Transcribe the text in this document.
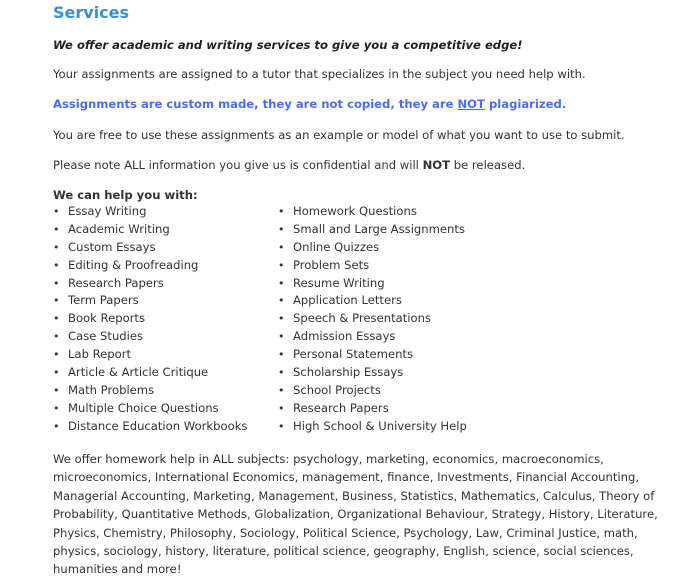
Services

We offer academic and writing services to give you a competitive edge!

Your assignments are assigned to a tutor that specializes in the subject you need help with.

Assignments are custom made, they are not copied, they are NOT plagiarized.

You are free to use these assignments as an example or model of what you want to use to submit.

Please note ALL information you give us is confidential and will NOT be released.

We can help you with:

• Essay Writing
• Academic Writing
• Custom Essays
• Editing & Proofreading
• Research Papers
• Term Papers
• Book Reports
• Case Studies
• Lab Report
• Article & Article Critique
• Math Problems
• Multiple Choice Questions
• Distance Education Workbooks
• Homework Questions
• Small and Large Assignments
• Online Quizzes
• Problem Sets
• Resume Writing
• Application Letters
• Speech & Presentations
• Admission Essays
• Personal Statements
• Scholarship Essays
• School Projects
• Research Papers
• High School & University Help

We offer homework help in ALL subjects: psychology, marketing, economics, macroeconomics, microeconomics, International Economics, management, finance, Investments, Financial Accounting, Managerial Accounting, Marketing, Management, Business, Statistics, Mathematics, Calculus, Theory of Probability, Quantitative Methods, Globalization, Organizational Behaviour, Strategy, History, Literature, Physics, Chemistry, Philosophy, Sociology, Political Science, Psychology, Law, Criminal Justice, math, physics, sociology, history, literature, political science, geography, English, science, social sciences, humanities and more!
